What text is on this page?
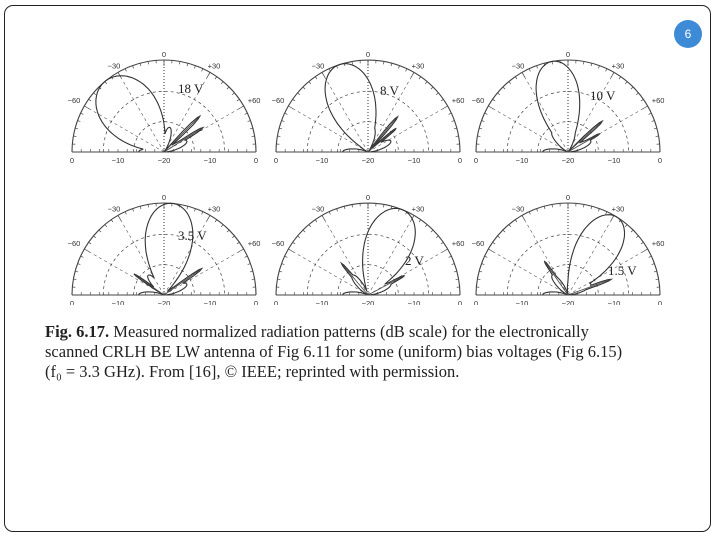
6
0
−30	+30
−60	+60
0	−10	−20	−10	0
18 V
0
−30	+30
−60	+60
0	−10	−20	−10	0
8 V
0
−30	+30
−60	+60
0	−10	−20	−10	0
10 V
0
−30	+30
−60	+60
0	−10	−20	−10	0
3.5 V
0
−30	+30
−60	+60
0	−10	−20	−10	0
2 V
0
−30	+30
−60	+60
0	−10	−20	−10	0
1.5 V
Fig. 6.17. Measured normalized radiation patterns (dB scale) for the electronically
scanned CRLH BE LW antenna of Fig 6.11 for some (uniform) bias voltages (Fig 6.15)
(f₀ = 3.3 GHz). From [16], © IEEE; reprinted with permission.
